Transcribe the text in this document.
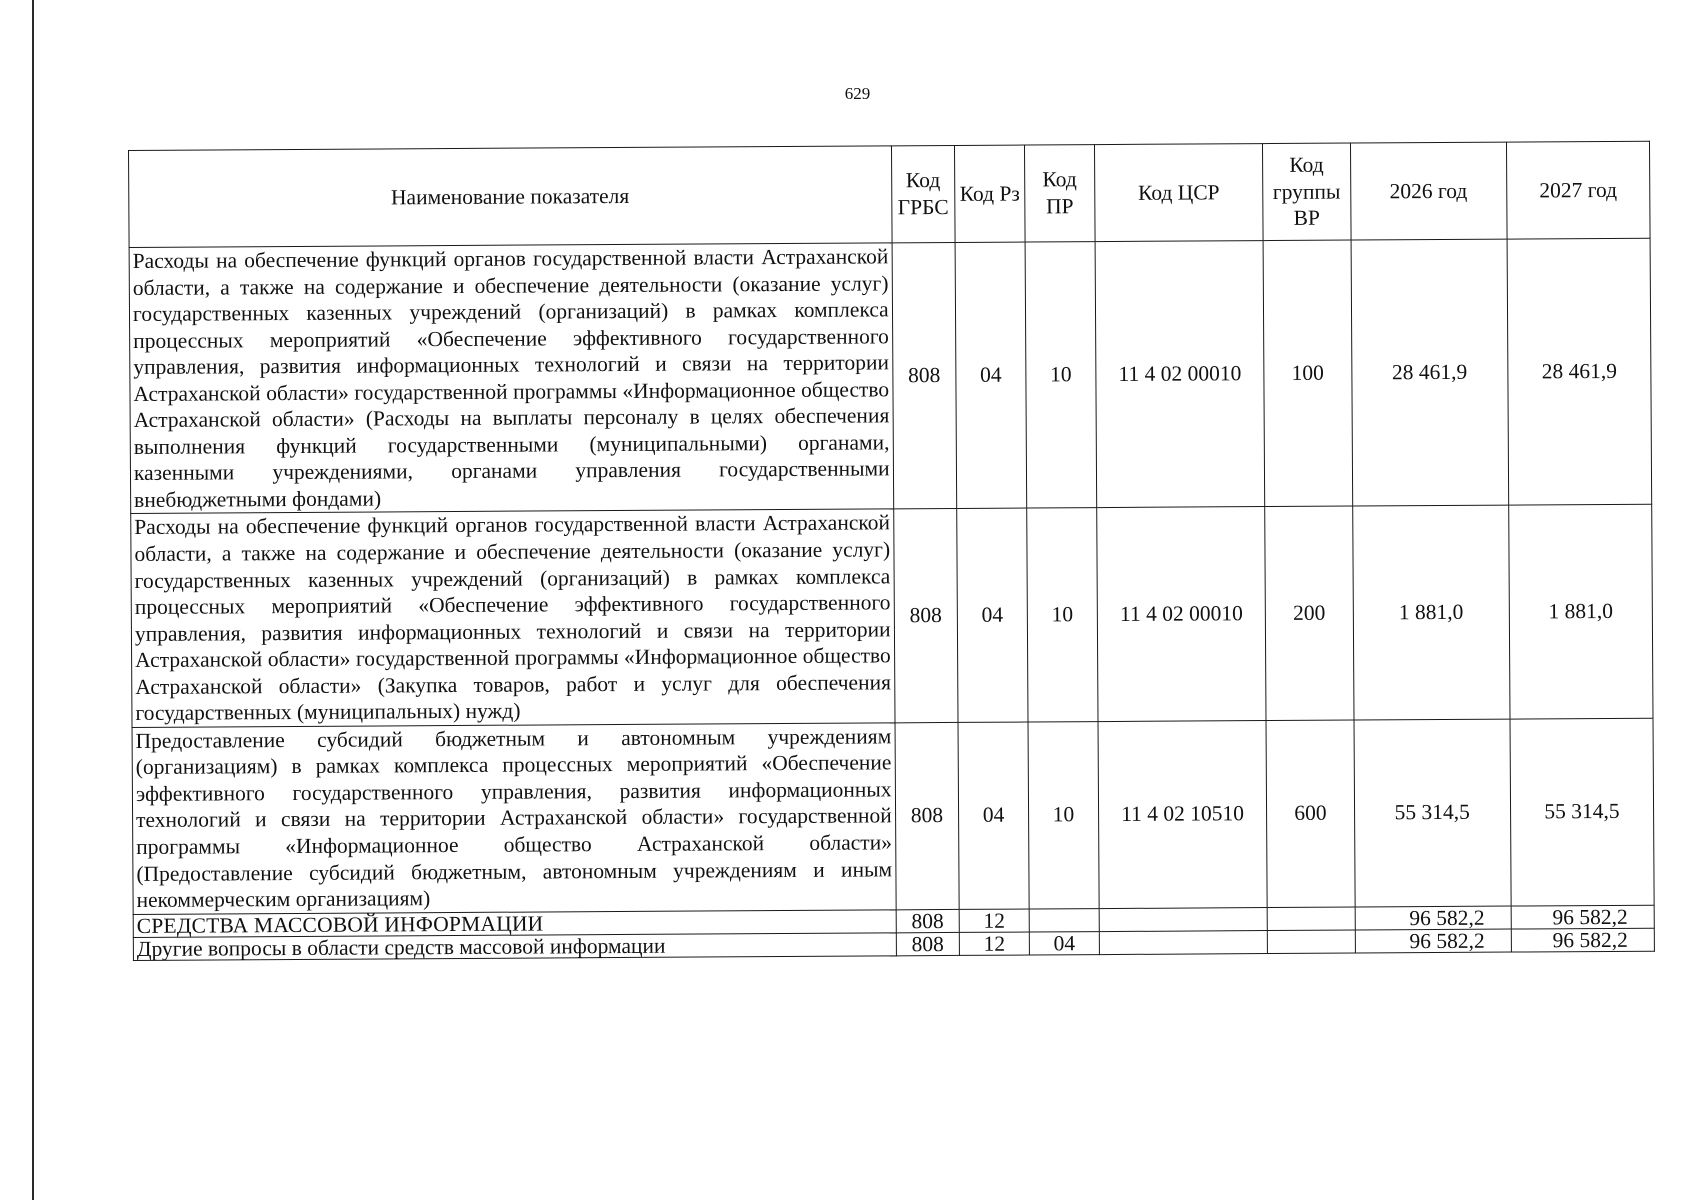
629
Наименование показателя	Код ГРБС	Код Рз	Код ПР	Код ЦСР	Код группы ВР	2026 год	2027 год
Расходы на обеспечение функций органов государственной власти Астраханской области, а также на содержание и обеспечение деятельности (оказание услуг) государственных казенных учреждений (организаций) в рамках комплекса процессных мероприятий «Обеспечение эффективного государственного управления, развития информационных технологий и связи на территории Астраханской области» государственной программы «Информационное общество Астраханской области» (Расходы на выплаты персоналу в целях обеспечения выполнения функций государственными (муниципальными) органами, казенными учреждениями, органами управления государственными внебюджетными фондами)	808	04	10	11 4 02 00010	100	28 461,9	28 461,9
Расходы на обеспечение функций органов государственной власти Астраханской области, а также на содержание и обеспечение деятельности (оказание услуг) государственных казенных учреждений (организаций) в рамках комплекса процессных мероприятий «Обеспечение эффективного государственного управления, развития информационных технологий и связи на территории Астраханской области» государственной программы «Информационное общество Астраханской области» (Закупка товаров, работ и услуг для обеспечения государственных (муниципальных) нужд)	808	04	10	11 4 02 00010	200	1 881,0	1 881,0
Предоставление субсидий бюджетным и автономным учреждениям (организациям) в рамках комплекса процессных мероприятий «Обеспечение эффективного государственного управления, развития информационных технологий и связи на территории Астраханской области» государственной программы «Информационное общество Астраханской области» (Предоставление субсидий бюджетным, автономным учреждениям и иным некоммерческим организациям)	808	04	10	11 4 02 10510	600	55 314,5	55 314,5
СРЕДСТВА МАССОВОЙ ИНФОРМАЦИИ	808	12				96 582,2	96 582,2
Другие вопросы в области средств массовой информации	808	12	04			96 582,2	96 582,2
